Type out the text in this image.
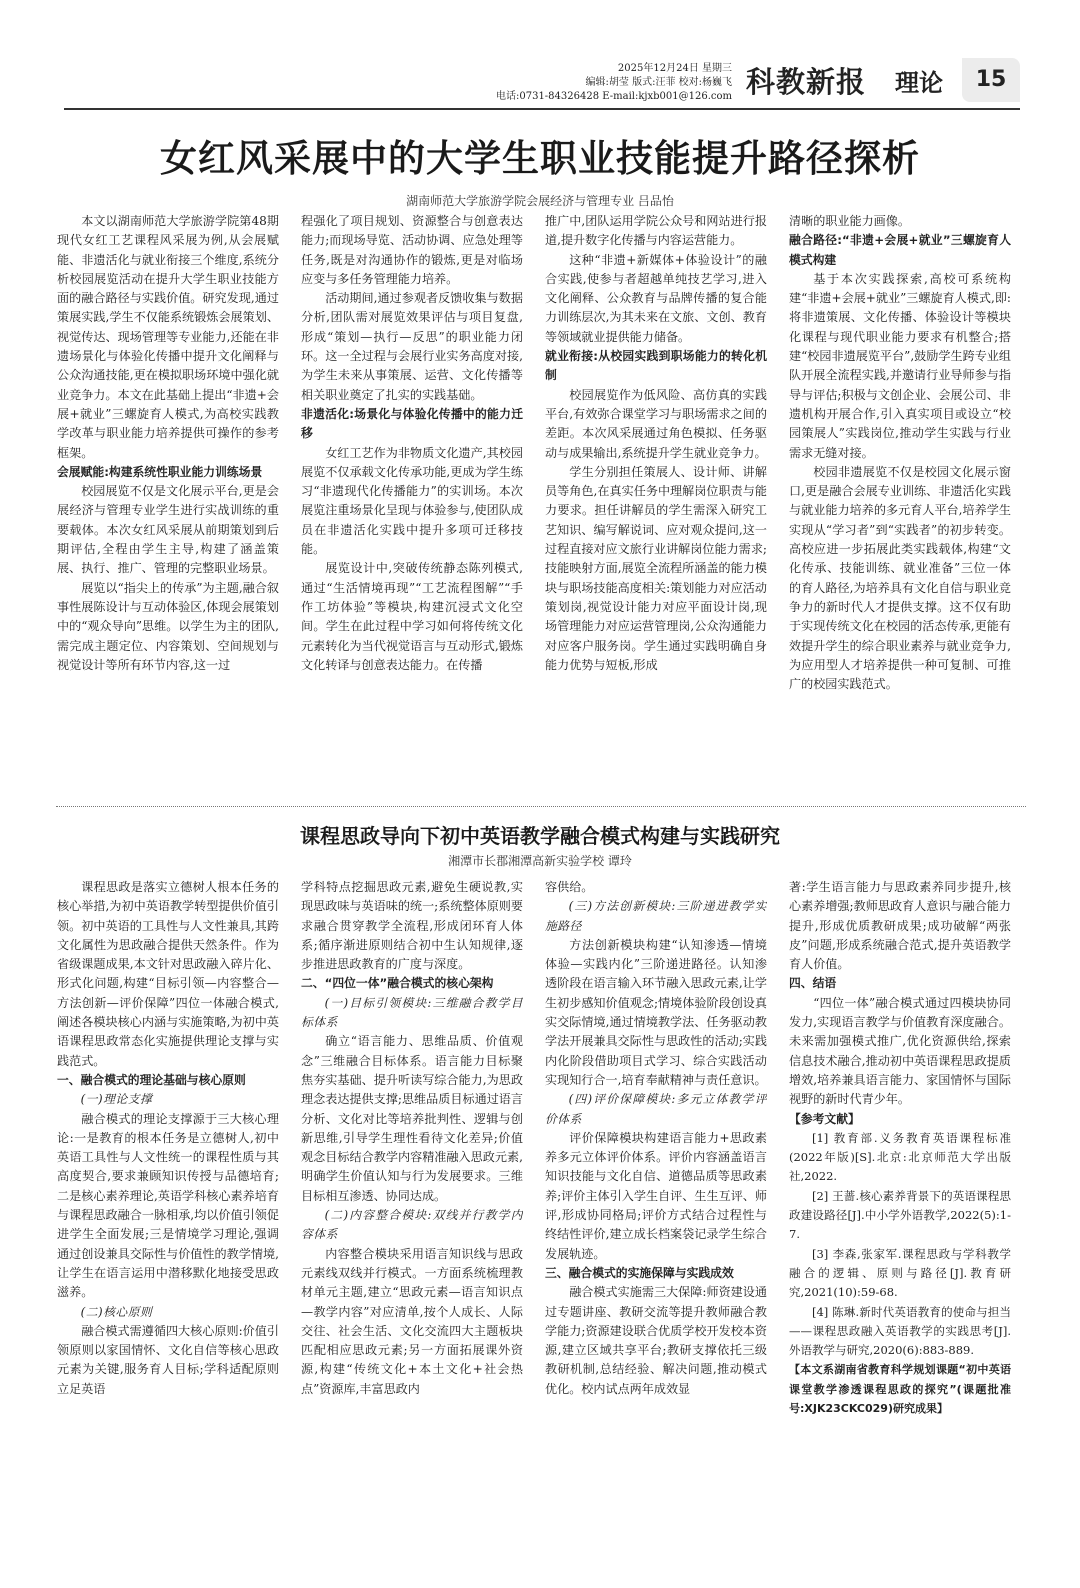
2025年12月24日 星期三
编辑:胡莹 版式:汪菲 校对:杨巍飞
电话:0731-84326428 E-mail:kjxb001@126.com 科教新报 理论	15
女红风采展中的大学生职业技能提升路径探析
湖南师范大学旅游学院会展经济与管理专业 吕品怡

本文以湖南师范大学旅游学院第48期现代女红工艺课程风采展为例,从会展赋能、非遗活化与就业衔接三个维度,系统分析校园展览活动在提升大学生职业技能方面的融合路径与实践价值。研究发现,通过策展实践,学生不仅能系统锻炼会展策划、视觉传达、现场管理等专业能力,还能在非遗场景化与体验化传播中提升文化阐释与公众沟通技能,更在模拟职场环境中强化就业竞争力。本文在此基础上提出“非遗+会展+就业”三螺旋育人模式,为高校实践教学改革与职业能力培养提供可操作的参考框架。

会展赋能:构建系统性职业能力训练场景

校园展览不仅是文化展示平台,更是会展经济与管理专业学生进行实战训练的重要载体。本次女红风采展从前期策划到后期评估,全程由学生主导,构建了涵盖策展、执行、推广、管理的完整职业场景。

展览以“指尖上的传承”为主题,融合叙事性展陈设计与互动体验区,体现会展策划中的“观众导向”思维。以学生为主的团队,需完成主题定位、内容策划、空间规划与视觉设计等所有环节内容,这一过

程强化了项目规划、资源整合与创意表达能力;而现场导览、活动协调、应急处理等任务,既是对沟通协作的锻炼,更是对临场应变与多任务管理能力培养。

活动期间,通过参观者反馈收集与数据分析,团队需对展览效果评估与项目复盘,形成“策划—执行—反思”的职业能力闭环。这一全过程与会展行业实务高度对接,为学生未来从事策展、运营、文化传播等相关职业奠定了扎实的实践基础。

非遗活化:场景化与体验化传播中的能力迁移

女红工艺作为非物质文化遗产,其校园展览不仅承载文化传承功能,更成为学生练习“非遗现代化传播能力”的实训场。本次展览注重场景化呈现与体验参与,使团队成员在非遗活化实践中提升多项可迁移技能。

展览设计中,突破传统静态陈列模式,通过“生活情境再现”“工艺流程图解”“手作工坊体验”等模块,构建沉浸式文化空间。学生在此过程中学习如何将传统文化元素转化为当代视觉语言与互动形式,锻炼文化转译与创意表达能力。在传播

推广中,团队运用学院公众号和网站进行报道,提升数字化传播与内容运营能力。

这种“非遗+新媒体+体验设计”的融合实践,使参与者超越单纯技艺学习,进入文化阐释、公众教育与品牌传播的复合能力训练层次,为其未来在文旅、文创、教育等领域就业提供能力储备。

就业衔接:从校园实践到职场能力的转化机制

校园展览作为低风险、高仿真的实践平台,有效弥合课堂学习与职场需求之间的差距。本次风采展通过角色模拟、任务驱动与成果输出,系统提升学生就业竞争力。

学生分别担任策展人、设计师、讲解员等角色,在真实任务中理解岗位职责与能力要求。担任讲解员的学生需深入研究工艺知识、编写解说词、应对观众提问,这一过程直接对应文旅行业讲解岗位能力需求;技能映射方面,展览全流程所涵盖的能力模块与职场技能高度相关:策划能力对应活动策划岗,视觉设计能力对应平面设计岗,现场管理能力对应运营管理岗,公众沟通能力对应客户服务岗。学生通过实践明确自身能力优势与短板,形成

清晰的职业能力画像。

融合路径:“非遗+会展+就业”三螺旋育人模式构建

基于本次实践探索,高校可系统构建“非遗+会展+就业”三螺旋育人模式,即:将非遗策展、文化传播、体验设计等模块化课程与现代职业能力要求有机整合;搭建“校园非遗展览平台”,鼓励学生跨专业组队开展全流程实践,并邀请行业导师参与指导与评估;积极与文创企业、会展公司、非遗机构开展合作,引入真实项目或设立“校园策展人”实践岗位,推动学生实践与行业需求无缝对接。

校园非遗展览不仅是校园文化展示窗口,更是融合会展专业训练、非遗活化实践与就业能力培养的多元育人平台,培养学生实现从“学习者”到“实践者”的初步转变。高校应进一步拓展此类实践载体,构建“文化传承、技能训练、就业准备”三位一体的育人路径,为培养具有文化自信与职业竞争力的新时代人才提供支撑。这不仅有助于实现传统文化在校园的活态传承,更能有效提升学生的综合职业素养与就业竞争力,为应用型人才培养提供一种可复制、可推广的校园实践范式。

课程思政导向下初中英语教学融合模式构建与实践研究
湘潭市长郡湘潭高新实验学校 谭玲

课程思政是落实立德树人根本任务的核心举措,为初中英语教学转型提供价值引领。初中英语的工具性与人文性兼具,其跨文化属性为思政融合提供天然条件。作为省级课题成果,本文针对思政融入碎片化、形式化问题,构建“目标引领—内容整合—方法创新—评价保障”四位一体融合模式,阐述各模块核心内涵与实施策略,为初中英语课程思政常态化实施提供理论支撑与实践范式。

一、融合模式的理论基础与核心原则
(一)理论支撑

融合模式的理论支撑源于三大核心理论:一是教育的根本任务是立德树人,初中英语工具性与人文性统一的课程性质与其高度契合,要求兼顾知识传授与品德培育;二是核心素养理论,英语学科核心素养培育与课程思政融合一脉相承,均以价值引领促进学生全面发展;三是情境学习理论,强调通过创设兼具交际性与价值性的教学情境,让学生在语言运用中潜移默化地接受思政滋养。

(二)核心原则

融合模式需遵循四大核心原则:价值引领原则以家国情怀、文化自信等核心思政元素为关键,服务育人目标;学科适配原则立足英语

学科特点挖掘思政元素,避免生硬说教,实现思政味与英语味的统一;系统整体原则要求融合贯穿教学全流程,形成闭环育人体系;循序渐进原则结合初中生认知规律,逐步推进思政教育的广度与深度。

二、“四位一体”融合模式的核心架构
(一)目标引领模块:三维融合教学目标体系

确立“语言能力、思维品质、价值观念”三维融合目标体系。语言能力目标聚焦夯实基础、提升听读写综合能力,为思政理念表达提供支撑;思维品质目标通过语言分析、文化对比等培养批判性、逻辑与创新思维,引导学生理性看待文化差异;价值观念目标结合教学内容精准融入思政元素,明确学生价值认知与行为发展要求。三维目标相互渗透、协同达成。

(二)内容整合模块:双线并行教学内容体系

内容整合模块采用语言知识线与思政元素线双线并行模式。一方面系统梳理教材单元主题,建立“思政元素—语言知识点—教学内容”对应清单,按个人成长、人际交往、社会生活、文化交流四大主题板块匹配相应思政元素;另一方面拓展课外资源,构建“传统文化+本土文化+社会热点”资源库,丰富思政内

容供给。

(三)方法创新模块:三阶递进教学实施路径

方法创新模块构建“认知渗透—情境体验—实践内化”三阶递进路径。认知渗透阶段在语言输入环节融入思政元素,让学生初步感知价值观念;情境体验阶段创设真实交际情境,通过情境教学法、任务驱动教学法开展兼具交际性与思政性的活动;实践内化阶段借助项目式学习、综合实践活动实现知行合一,培育奉献精神与责任意识。

(四)评价保障模块:多元立体教学评价体系

评价保障模块构建语言能力+思政素养多元立体评价体系。评价内容涵盖语言知识技能与文化自信、道德品质等思政素养;评价主体引入学生自评、生生互评、师评,形成协同格局;评价方式结合过程性与终结性评价,建立成长档案袋记录学生综合发展轨迹。

三、融合模式的实施保障与实践成效

融合模式实施需三大保障:师资建设通过专题讲座、教研交流等提升教师融合教学能力;资源建设联合优质学校开发校本资源,建立区域共享平台;教研支撑依托三级教研机制,总结经验、解决问题,推动模式优化。校内试点两年成效显

著:学生语言能力与思政素养同步提升,核心素养增强;教师思政育人意识与融合能力提升,形成优质教研成果;成功破解“两张皮”问题,形成系统融合范式,提升英语教学育人价值。

四、结语

“四位一体”融合模式通过四模块协同发力,实现语言教学与价值教育深度融合。未来需加强模式推广,优化资源供给,探索信息技术融合,推动初中英语课程思政提质增效,培养兼具语言能力、家国情怀与国际视野的新时代青少年。

【参考文献】

[1] 教育部.义务教育英语课程标准(2022年版)[S].北京:北京师范大学出版社,2022.

[2] 王蔷.核心素养背景下的英语课程思政建设路径[J].中小学外语教学,2022(5):1-7.

[3] 李森,张家军.课程思政与学科教学融合的逻辑、原则与路径[J].教育研究,2021(10):59-68.

[4] 陈琳.新时代英语教育的使命与担当——课程思政融入英语教学的实践思考[J].外语教学与研究,2020(6):883-889.

【本文系湖南省教育科学规划课题“初中英语课堂教学渗透课程思政的探究”(课题批准号:XJK23CKC029)研究成果】
